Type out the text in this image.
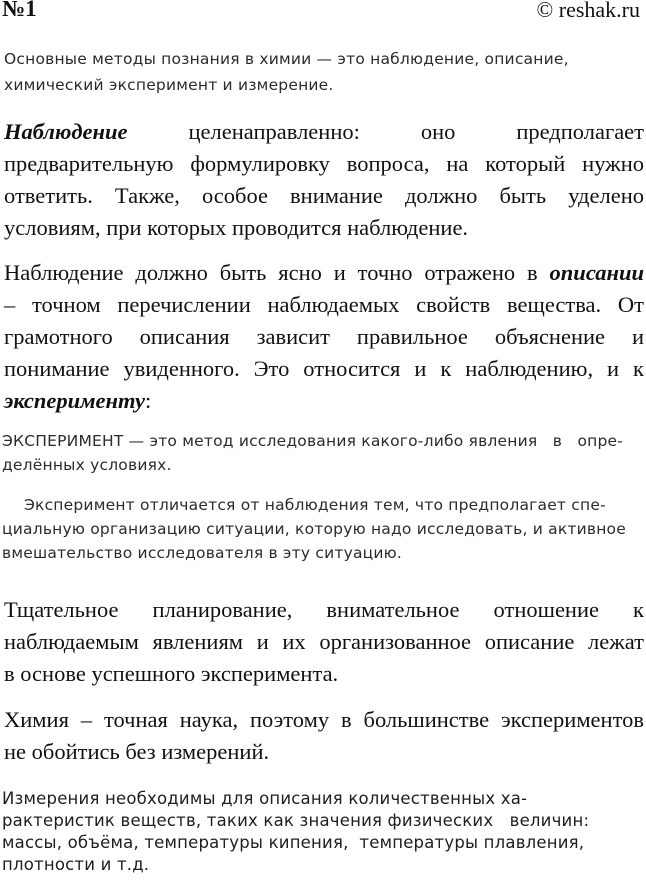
№1	© reshak.ru
Основные методы познания в химии — это наблюдение, описание,
химический эксперимент и измерение.
Наблюдение целенаправленно: оно предполагает
предварительную формулировку вопроса, на который нужно
ответить. Также, особое внимание должно быть уделено
условиям, при которых проводится наблюдение.
Наблюдение должно быть ясно и точно отражено в описании
– точном перечислении наблюдаемых свойств вещества. От
грамотного описания зависит правильное объяснение и
понимание увиденного. Это относится и к наблюдению, и к
эксперименту:
ЭКСПЕРИМЕНТ — это метод исследования какого-либо явления   в   опре-
делённых условиях.
Эксперимент отличается от наблюдения тем, что предполагает спе-
циальную организацию ситуации, которую надо исследовать, и активное
вмешательство исследователя в эту ситуацию.
Тщательное планирование, внимательное отношение к
наблюдаемым явлениям и их организованное описание лежат
в основе успешного эксперимента.
Химия – точная наука, поэтому в большинстве экспериментов
не обойтись без измерений.
Измерения необходимы для описания количественных ха-
рактеристик веществ, таких как значения физических   величин:
массы, объёма, температуры кипения,  температуры плавления,
плотности и т.д.
